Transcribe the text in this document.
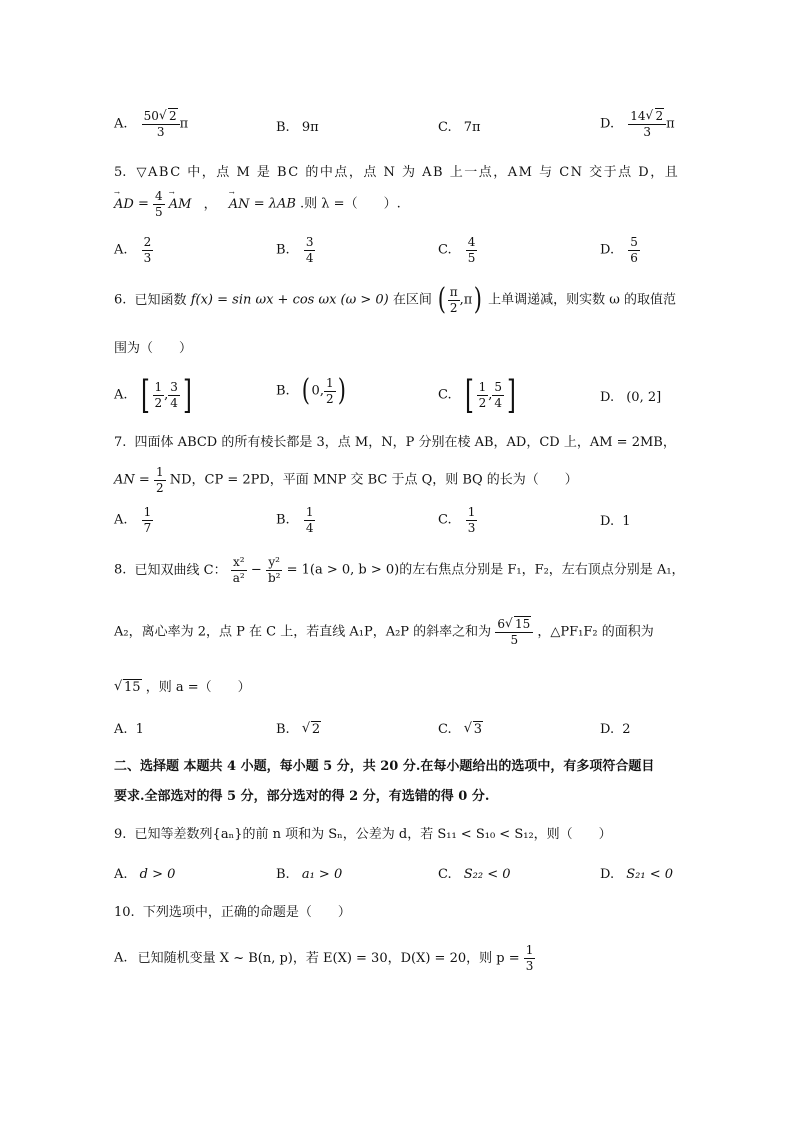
A. $\frac{50 √ 2}{3}$ π	B. 9π	C. 7π	D. $\frac{14 √ 2}{3}$ π
5. ▽ABC 中，点 M 是 BC 的中点，点 N 为 AB 上一点，AM 与 CN 交于点 D，且
→
AD = $\frac{4}{5}$
→
AM ，
→
AN = λAB .则 λ =（　　）.
A. $\frac{2}{3}$	B. $\frac{3}{4}$	C. $\frac{4}{5}$	D. $\frac{5}{6}$
6. 已知函数 f(x) = sin ωx + cos ωx (ω > 0) 在区间 ( $\frac{\pi}{2} ,\pi$) 上单调递减，则实数 ω 的取值范
围为（　　）
A. [ $\frac{1}{2}$ , $\frac{3}{4}$ ]	B. ( 0, $\frac{1}{2}$ )	C. [ $\frac{1}{2}$ , $\frac{5}{4}$ ]	D. (0, 2]
7. 四面体 ABCD 的所有棱长都是 3，点 M，N，P 分别在棱 AB，AD，CD 上，AM = 2MB，
AN = $\frac{1}{2}$ ND，CP = 2PD，平面 MNP 交 BC 于点 Q，则 BQ 的长为（　　）
A. $\frac{1}{7}$	B. $\frac{1}{4}$	C. $\frac{1}{3}$	D. 1
8. 已知双曲线 C： $\frac{\text{x²}}{\text{a²}} - \frac{\text{y²}}{\text{b²}} = 1(a > 0$, b > 0)的左右焦点分别是 F₁，F₂，左右顶点分别是 A₁，
A₂，离心率为 2，点 P 在 C 上，若直线 A₁P，A₂P 的斜率之和为 $\frac{6 √ 15}{5}$ ，△PF₁F₂ 的面积为
√ 15 ，则 a =（　　）
A. 1	B. √ 2	C. √ 3	D. 2
二、选择题 本题共 4 小题，每小题 5 分，共 20 分.在每小题给出的选项中，有多项符合题目
要求.全部选对的得 5 分，部分选对的得 2 分，有选错的得 0 分.
9. 已知等差数列{aₙ}的前 n 项和为 Sₙ，公差为 d，若 S₁₁ < S₁₀ < S₁₂，则（　　）
A. d > 0	B. a₁ > 0	C. S₂₂ < 0	D. S₂₁ < 0
10. 下列选项中，正确的命题是（　　）
A. 已知随机变量 X ~ B(n, p)，若 E(X) = 30，D(X) = 20，则 $p = \frac{1}{3}$
